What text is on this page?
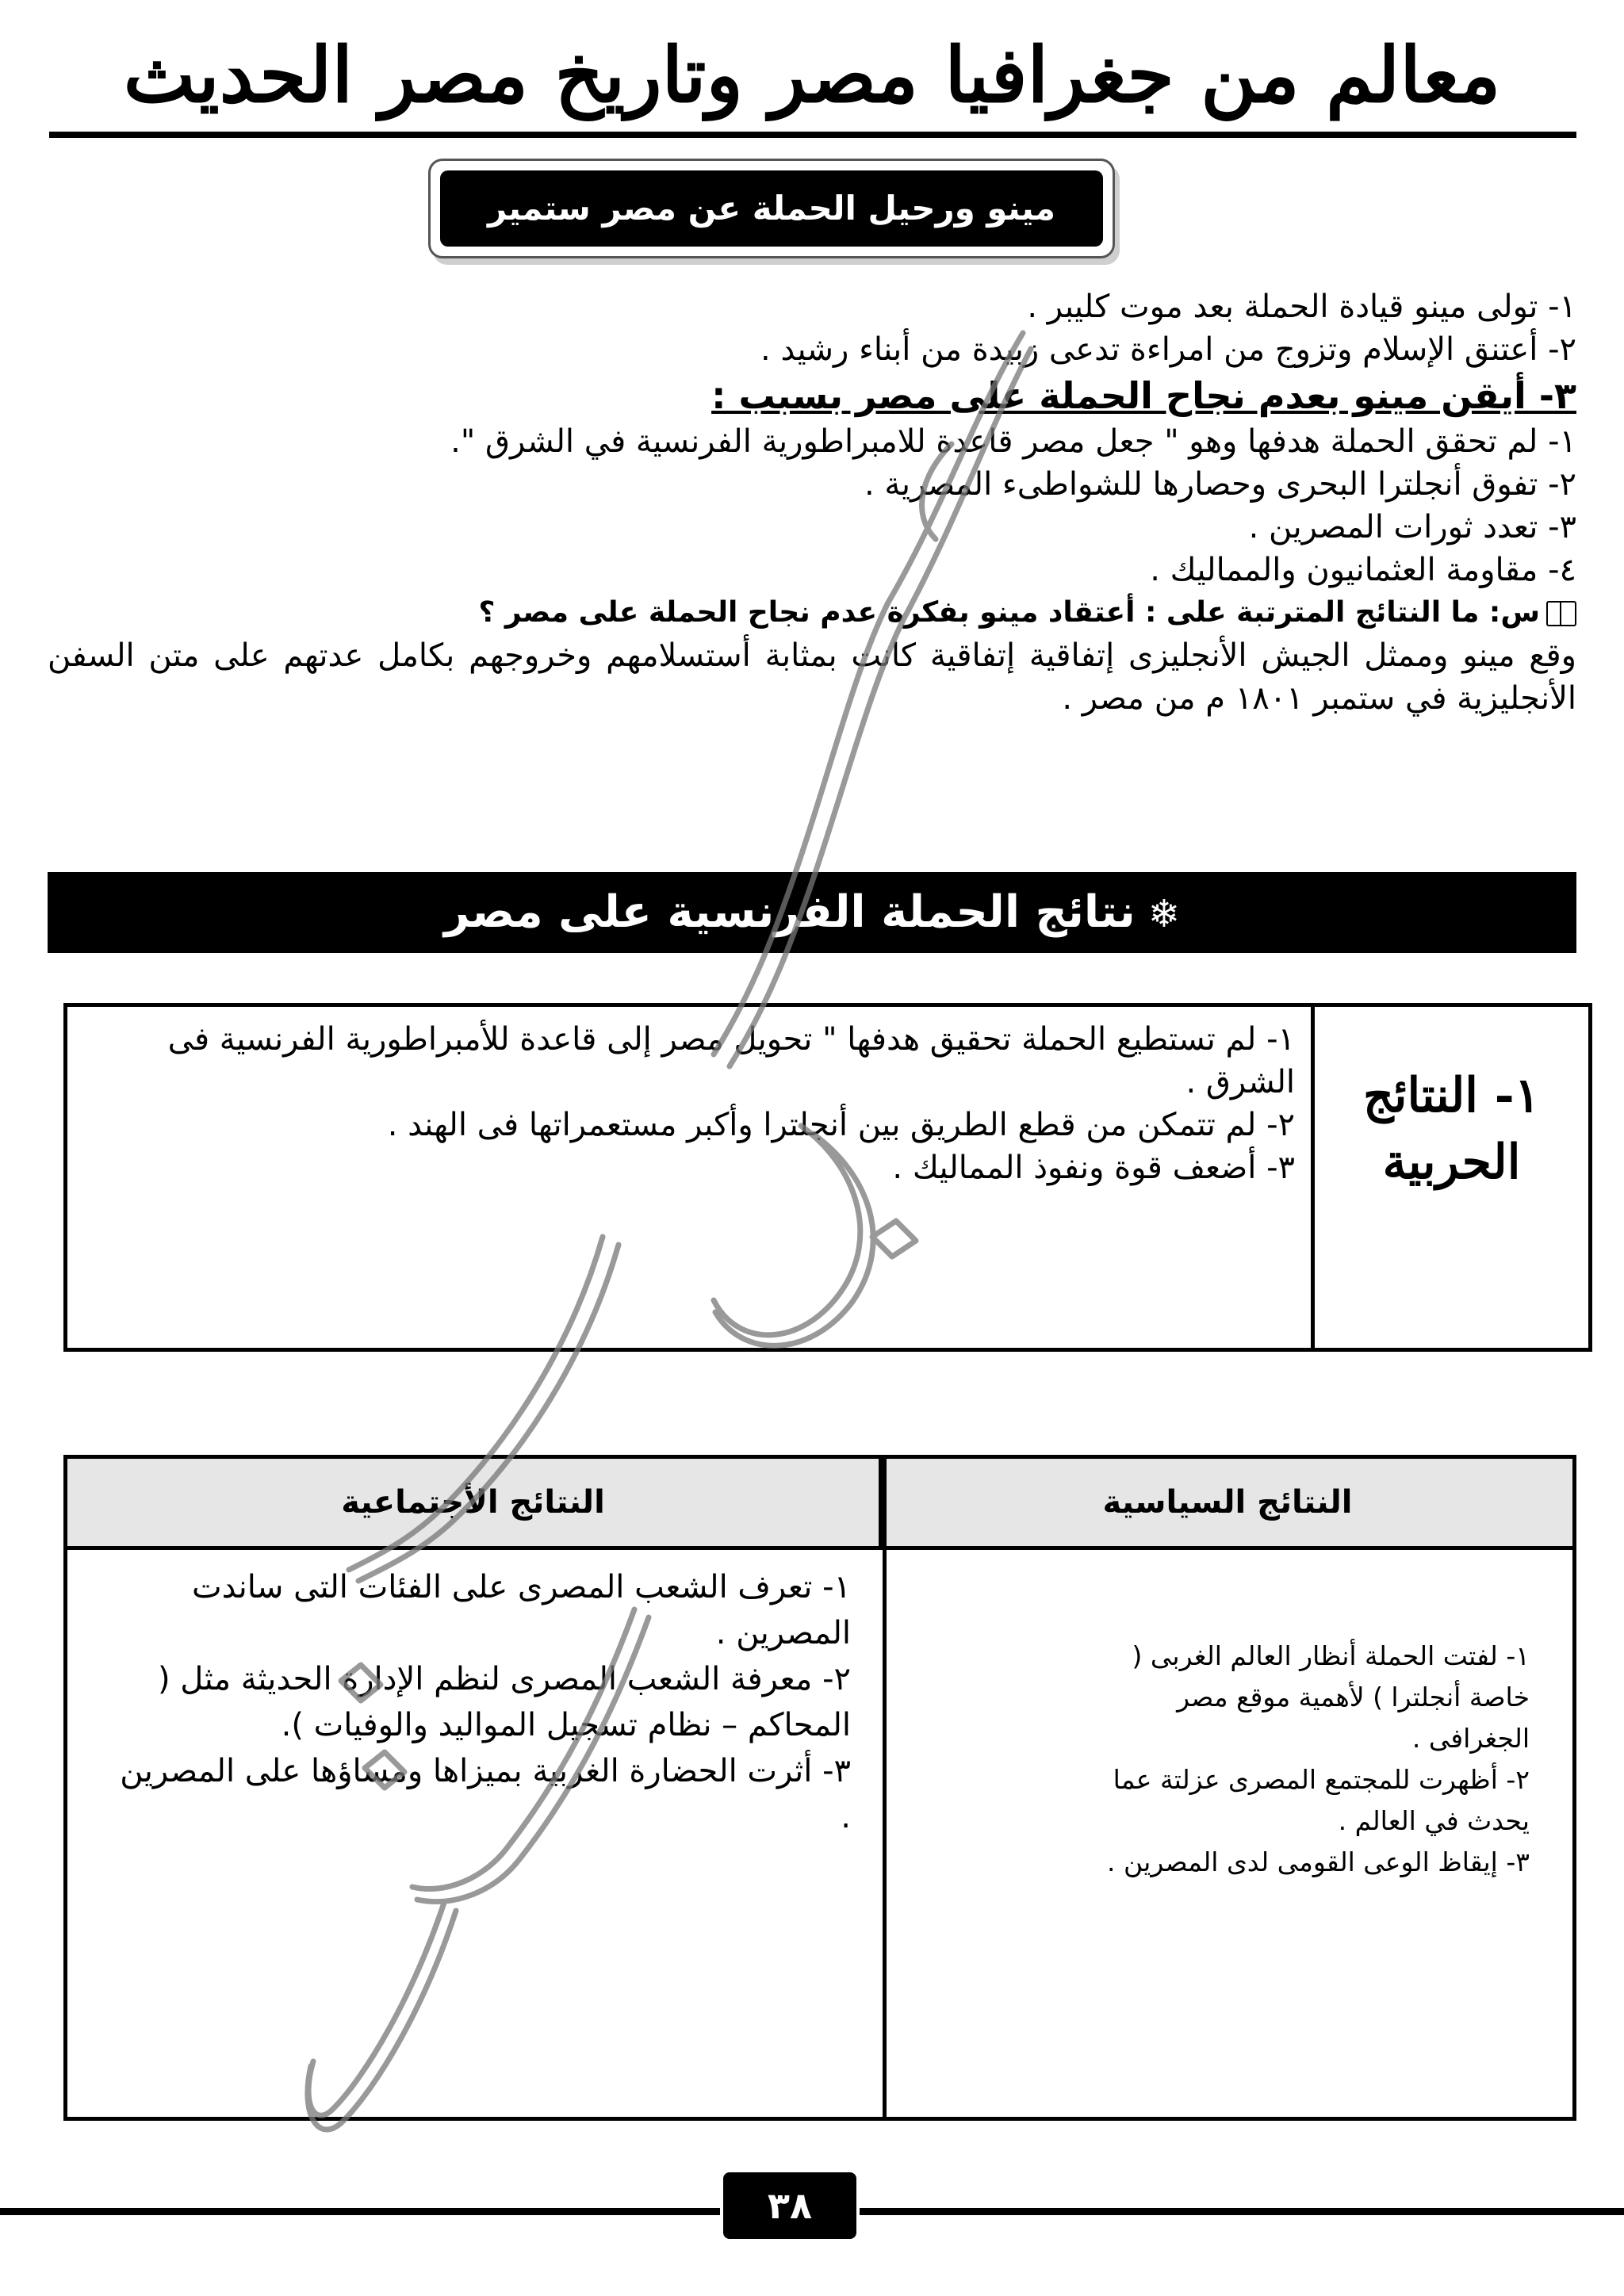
معالم من جغرافيا مصر وتاريخ مصر الحديث
مينو ورحيل الحملة عن مصر ستمير ١٨٠١م .
١- تولى مينو قيادة الحملة بعد موت كليبر .
٢- أعتنق الإسلام وتزوج من امراءة تدعى زبيدة من أبناء رشيد .
٣- أيقن مينو بعدم نجاح الحملة على مصر بسبب :
١- لم تحقق الحملة هدفها وهو " جعل مصر قاعدة للامبراطورية الفرنسية في الشرق ".
٢- تفوق أنجلترا البحرى وحصارها للشواطىء المصرية .
٣- تعدد ثورات المصرين .
٤- مقاومة العثمانيون والمماليك .
س: ما النتائج المترتبة على : أعتقاد مينو بفكرة عدم نجاح الحملة على مصر ؟
وقع مينو وممثل الجيش الأنجليزى إتفاقية إتفاقية كانت بمثابة أستسلامهم وخروجهم بكامل عدتهم على متن السفن الأنجليزية في ستمبر ١٨٠١ م من مصر .
❄نتائج الحملة الفرنسية على مصر
١- النتائج الحربية
١- لم تستطيع الحملة تحقيق هدفها " تحويل مصر إلى قاعدة للأمبراطورية الفرنسية فى الشرق .
٢- لم تتمكن من قطع الطريق بين أنجلترا وأكبر مستعمراتها فى الهند .
٣- أضعف قوة ونفوذ المماليك .
النتائج السياسية
النتائج الأجتماعية
١- لفتت الحملة أنظار العالم الغربى ( خاصة أنجلترا ) لأهمية موقع مصر الجغرافى .
٢- أظهرت للمجتمع المصرى عزلتة عما يحدث في العالم .
٣- إيقاظ الوعى القومى لدى المصرين .
١- تعرف الشعب المصرى على الفئات التى ساندت المصرين .
٢- معرفة الشعب المصرى لنظم الإدارة الحديثة مثل ( المحاكم – نظام تسجيل المواليد والوفيات ).
٣- أثرت الحضارة الغربية بميزاها ومساؤها على المصرين .
٣٨
